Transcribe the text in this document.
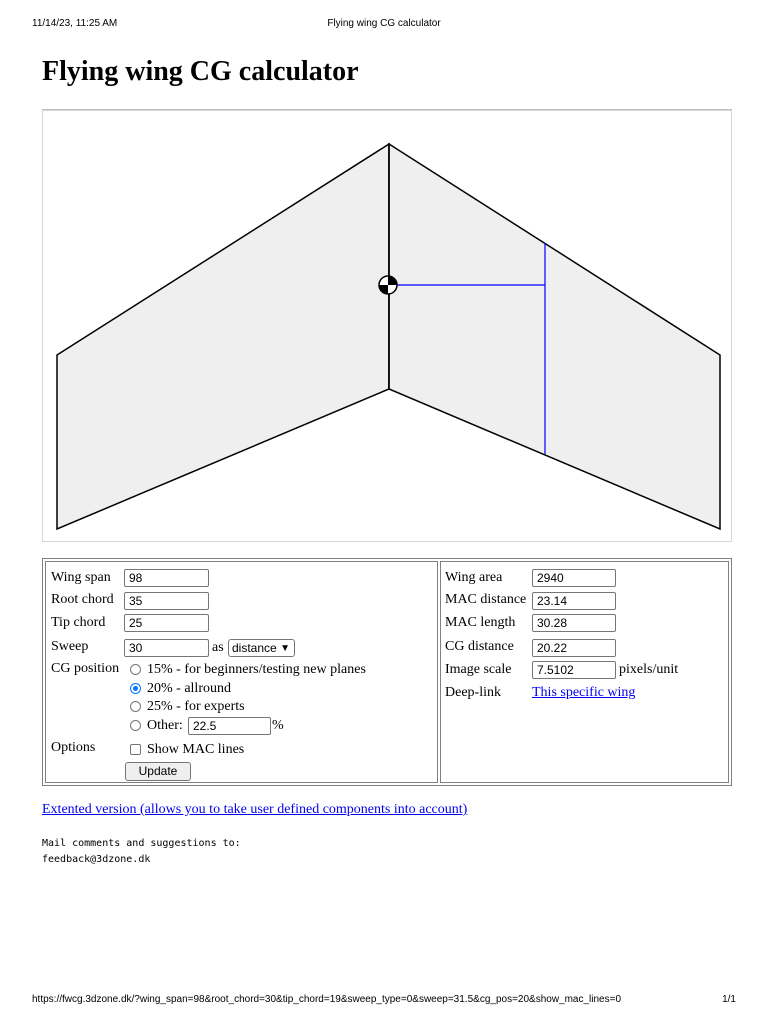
11/14/23, 11:25 AM	Flying wing CG calculator
Flying wing CG calculator
Wing span	98
Root chord	35
Tip chord	25
Sweep	30	as distance ▼
CG position 15% - for beginners/testing new planes
20% - allround
25% - for experts
Other: 22.5	%
Options	Show MAC lines
Update
Wing area	2940
MAC distance 23.14
MAC length	30.28
CG distance	20.22
Image scale	7.5102	pixels/unit
Deep-link This specific wing
Extented version (allows you to take user defined components into account)
Mail comments and suggestions to:
feedback@3dzone.dk
https://fwcg.3dzone.dk/?wing_span=98&root_chord=30&tip_chord=19&sweep_type=0&sweep=31.5&cg_pos=20&show_mac_lines=0	1/1
